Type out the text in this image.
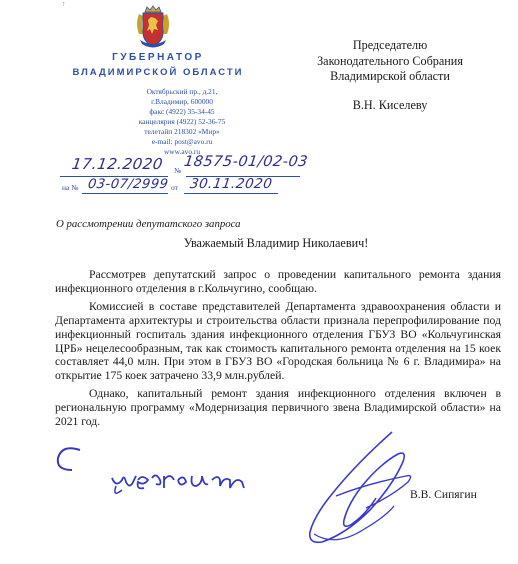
↑
ГУБЕРНАТОР
ВЛАДИМИРСКОЙ ОБЛАСТИ
Октябрьский пр., д.21,
г.Владимир, 600000
факс (4922) 35-34-45
канцелярия (4922) 52-36-75
телетайп 218302 «Мир»
e-mail: post@avo.ru
www.avo.ru
Председателю
Законодательного Собрания
Владимирской области
В.Н. Киселеву
№
17.12.2020 18575-01/02-03
на №	от
03-07/2999 30.11.2020
О рассмотрении депутатского запроса
Уважаемый Владимир Николаевич!

Рассмотрев депутатский запрос о проведении капитального ремонта здания инфекционного отделения в г.Кольчугино, сообщаю.

Комиссией в составе представителей Департамента здравоохранения области и Департамента архитектуры и строительства области признала перепрофилирование под инфекционный госпиталь здания инфекционного отделения ГБУЗ ВО «Кольчугинская ЦРБ» нецелесообразным, так как стоимость капитального ремонта отделения на 15 коек составляет 44,0 млн. При этом в ГБУЗ ВО «Городская больница № 6 г. Владимира» на открытие 175 коек затрачено 33,9 млн.рублей.

Однако, капитальный ремонт здания инфекционного отделения включен в региональную программу «Модернизация первичного звена Владимирской области» на 2021 год.

В.В. Сипягин
